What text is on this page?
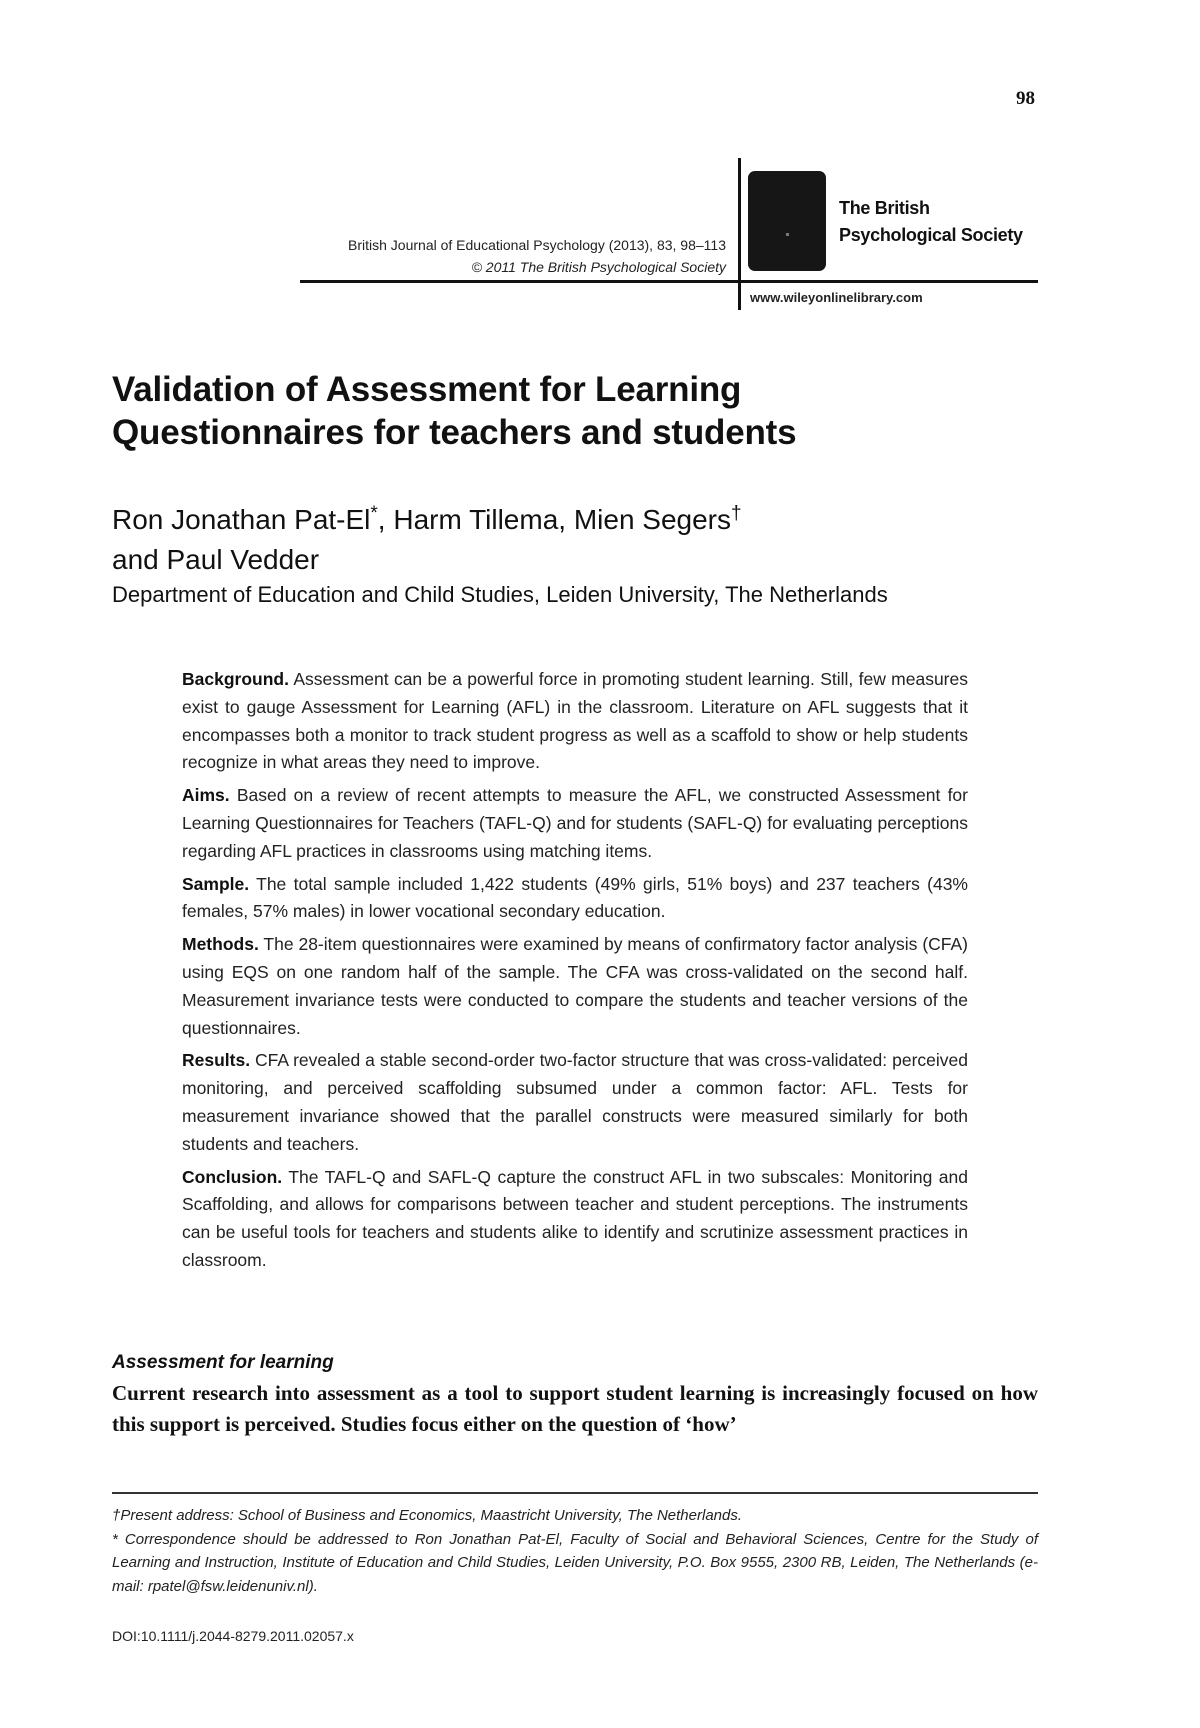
98
British Journal of Educational Psychology (2013), 83, 98–113
© 2011 The British Psychological Society
The British
Psychological Society
www.wileyonlinelibrary.com
Validation of Assessment for Learning
Questionnaires for teachers and students
Ron Jonathan Pat-El*, Harm Tillema, Mien Segers†
and Paul Vedder
Department of Education and Child Studies, Leiden University, The Netherlands

Background. Assessment can be a powerful force in promoting student learning. Still, few measures exist to gauge Assessment for Learning (AFL) in the classroom. Literature on AFL suggests that it encompasses both a monitor to track student progress as well as a scaffold to show or help students recognize in what areas they need to improve.

Aims. Based on a review of recent attempts to measure the AFL, we constructed Assessment for Learning Questionnaires for Teachers (TAFL-Q) and for students (SAFL-Q) for evaluating perceptions regarding AFL practices in classrooms using matching items.

Sample. The total sample included 1,422 students (49% girls, 51% boys) and 237 teachers (43% females, 57% males) in lower vocational secondary education.

Methods. The 28-item questionnaires were examined by means of confirmatory factor analysis (CFA) using EQS on one random half of the sample. The CFA was cross-validated on the second half. Measurement invariance tests were conducted to compare the students and teacher versions of the questionnaires.

Results. CFA revealed a stable second-order two-factor structure that was cross-validated: perceived monitoring, and perceived scaffolding subsumed under a common factor: AFL. Tests for measurement invariance showed that the parallel constructs were measured similarly for both students and teachers.

Conclusion. The TAFL-Q and SAFL-Q capture the construct AFL in two subscales: Monitoring and Scaffolding, and allows for comparisons between teacher and student perceptions. The instruments can be useful tools for teachers and students alike to identify and scrutinize assessment practices in classroom.

Assessment for learning

Current research into assessment as a tool to support student learning is increasingly focused on how this support is perceived. Studies focus either on the question of ‘how’

†Present address: School of Business and Economics, Maastricht University, The Netherlands.

* Correspondence should be addressed to Ron Jonathan Pat-El, Faculty of Social and Behavioral Sciences, Centre for the Study of Learning and Instruction, Institute of Education and Child Studies, Leiden University, P.O. Box 9555, 2300 RB, Leiden, The Netherlands (e-mail: rpatel@fsw.leidenuniv.nl).

DOI:10.1111/j.2044-8279.2011.02057.x
